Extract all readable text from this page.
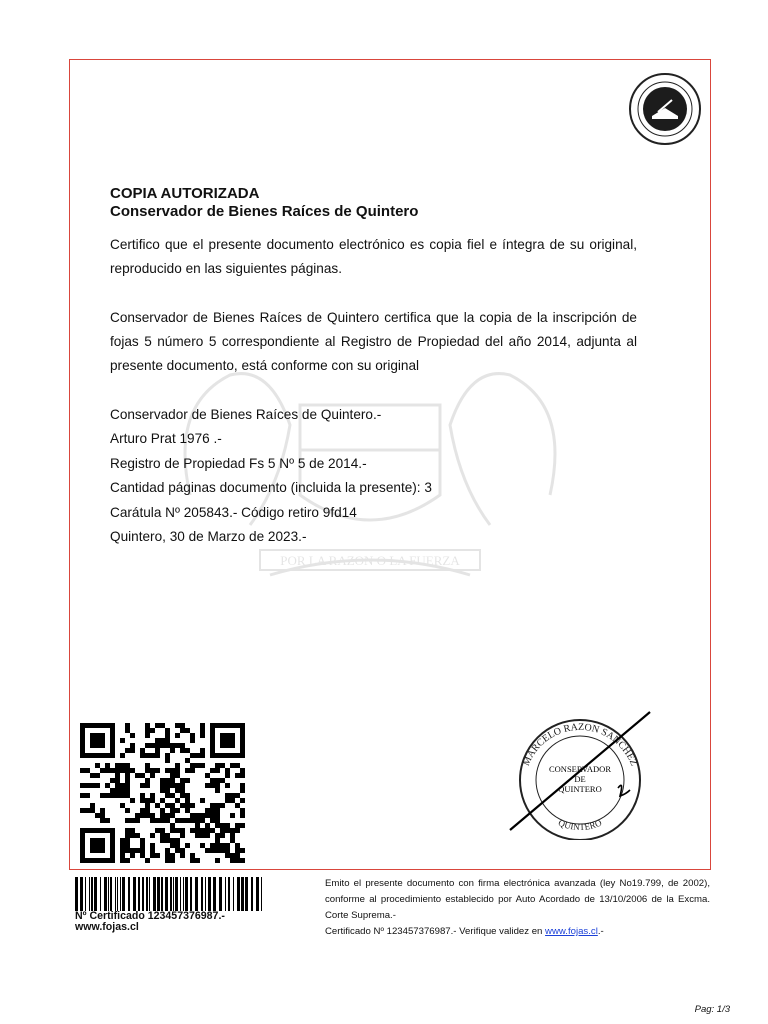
POR LA RAZON O LA FUERZA
COPIA AUTORIZADA
Conservador de Bienes Raíces de Quintero
Certifico que el presente documento electrónico es copia fiel e íntegra de su original, reproducido en las siguientes páginas.
Conservador de Bienes Raíces de Quintero certifica que la copia de la inscripción de fojas 5 número 5 correspondiente al Registro de Propiedad del año 2014, adjunta al presente documento, está conforme con su original
Conservador de Bienes Raíces de Quintero.-
Arturo Prat 1976 .-
Registro de Propiedad Fs 5 Nº 5 de 2014.-
Cantidad páginas documento (incluida la presente): 3
Carátula Nº 205843.- Código retiro 9fd14
Quintero, 30 de Marzo de 2023.-
MARCELO RAZON SANCHEZ
QUINTERO
CONSERVADOR
DE
QUINTERO
Nº Certificado 123457376987.-
www.fojas.cl
Emito el presente documento con firma electrónica avanzada (ley No19.799, de 2002), conforme al procedimiento establecido por Auto Acordado de 13/10/2006 de la Excma. Corte Suprema.-
Certificado Nº 123457376987.- Verifique validez en www.fojas.cl.-
Pag: 1/3
